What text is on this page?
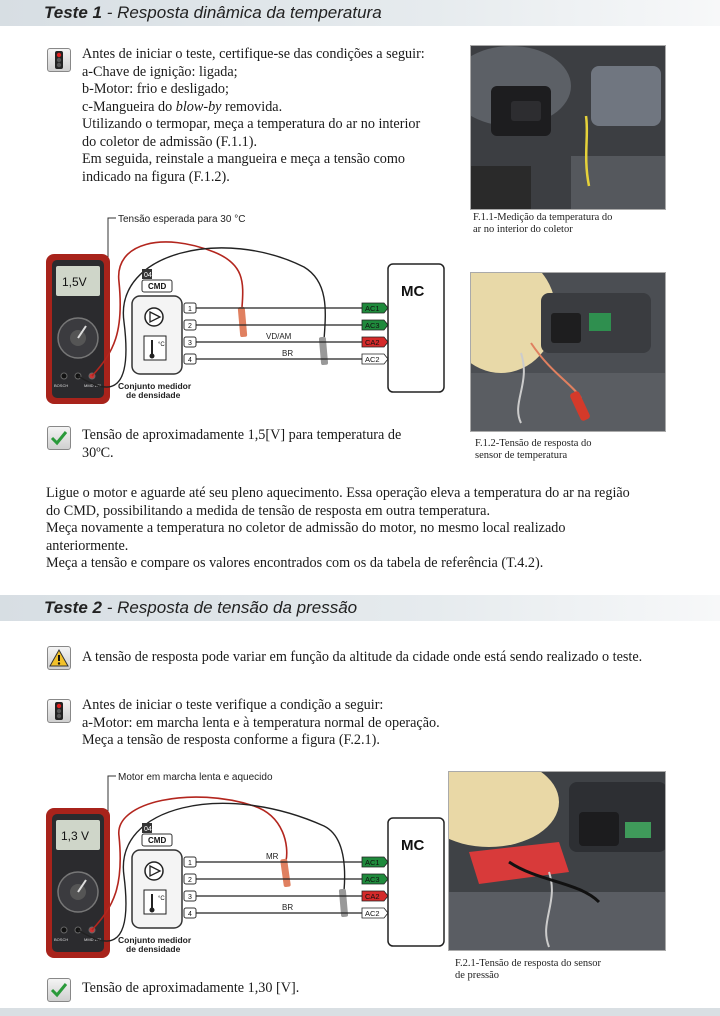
Teste 1 - Resposta dinâmica da temperatura
Antes de iniciar o teste, certifique-se das condições a seguir:
a-Chave de ignição: ligada;
b-Motor: frio e desligado;
c-Mangueira do blow-by removida.
Utilizando o termopar, meça a temperatura do ar no interior
do coletor de admissão (F.1.1).
Em seguida, reinstale a mangueira e meça a tensão como
indicado na figura (F.1.2).
F.1.1-Medição da temperatura do
ar no interior do coletor
F.1.2-Tensão de resposta do
sensor de temperatura
Tensão esperada para 30 °C
1,5V
BOSCH	MMD 175
04
CMD
°C
Conjunto medidor
de densidade
1
2
3
4
VD/AM
BR
AC1
AC3
CA2
AC2
MC
Tensão de aproximadamente 1,5[V] para temperatura de
30ºC.
Ligue o motor e aguarde até seu pleno aquecimento. Essa operação eleva a temperatura do ar na região
do CMD, possibilitando a medida de tensão de resposta em outra temperatura.
Meça novamente a temperatura no coletor de admissão do motor, no mesmo local realizado
anteriormente.
Meça a tensão e compare os valores encontrados com os da tabela de referência (T.4.2).
Teste 2 - Resposta de tensão da pressão
A tensão de resposta pode variar em função da altitude da cidade onde está sendo realizado o teste.
Antes de iniciar o teste verifique a condição a seguir:
a-Motor: em marcha lenta e à temperatura normal de operação.
Meça a tensão de resposta conforme a figura (F.2.1).
Motor em marcha lenta e aquecido
1,3 V
BOSCH	MMD 175
04
CMD
°C
Conjunto medidor
de densidade
1
2
3
4
MR
BR
AC1
AC3
CA2
AC2
MC
F.2.1-Tensão de resposta do sensor
de pressão
Tensão de aproximadamente 1,30 [V].
